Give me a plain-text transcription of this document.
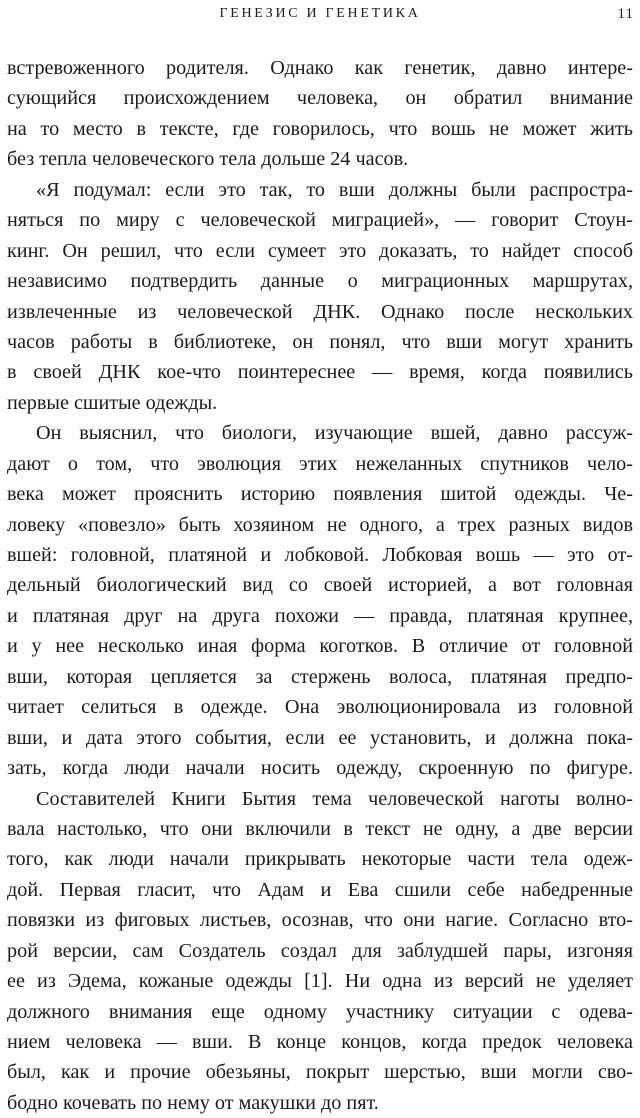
ГЕНЕЗИС И ГЕНЕТИКА	11
встревоженного родителя. Однако как генетик, давно интере-
сующийся происхождением человека, он обратил внимание
на то место в тексте, где говорилось, что вошь не может жить
без тепла человеческого тела дольше 24 часов.
«Я подумал: если это так, то вши должны были распростра-
няться по миру с человеческой миграцией», — говорит Стоун-
кинг. Он решил, что если сумеет это доказать, то найдет способ
независимо подтвердить данные о миграционных маршрутах,
извлеченные из человеческой ДНК. Однако после нескольких
часов работы в библиотеке, он понял, что вши могут хранить
в своей ДНК кое-что поинтереснее — время, когда появились
первые сшитые одежды.
Он выяснил, что биологи, изучающие вшей, давно рассуж-
дают о том, что эволюция этих нежеланных спутников чело-
века может прояснить историю появления шитой одежды. Че-
ловеку «повезло» быть хозяином не одного, а трех разных видов
вшей: головной, платяной и лобковой. Лобковая вошь — это от-
дельный биологический вид со своей историей, а вот головная
и платяная друг на друга похожи — правда, платяная крупнее,
и у нее несколько иная форма коготков. В отличие от головной
вши, которая цепляется за стержень волоса, платяная предпо-
читает селиться в одежде. Она эволюционировала из головной
вши, и дата этого события, если ее установить, и должна пока-
зать, когда люди начали носить одежду, скроенную по фигуре.
Составителей Книги Бытия тема человеческой наготы волно-
вала настолько, что они включили в текст не одну, а две версии
того, как люди начали прикрывать некоторые части тела одеж-
дой. Первая гласит, что Адам и Ева сшили себе набедренные
повязки из фиговых листьев, осознав, что они нагие. Согласно вто-
рой версии, сам Создатель создал для заблудшей пары, изгоняя
ее из Эдема, кожаные одежды [1]. Ни одна из версий не уделяет
должного внимания еще одному участнику ситуации с одева-
нием человека — вши. В конце концов, когда предок человека
был, как и прочие обезьяны, покрыт шерстью, вши могли сво-
бодно кочевать по нему от макушки до пят.
